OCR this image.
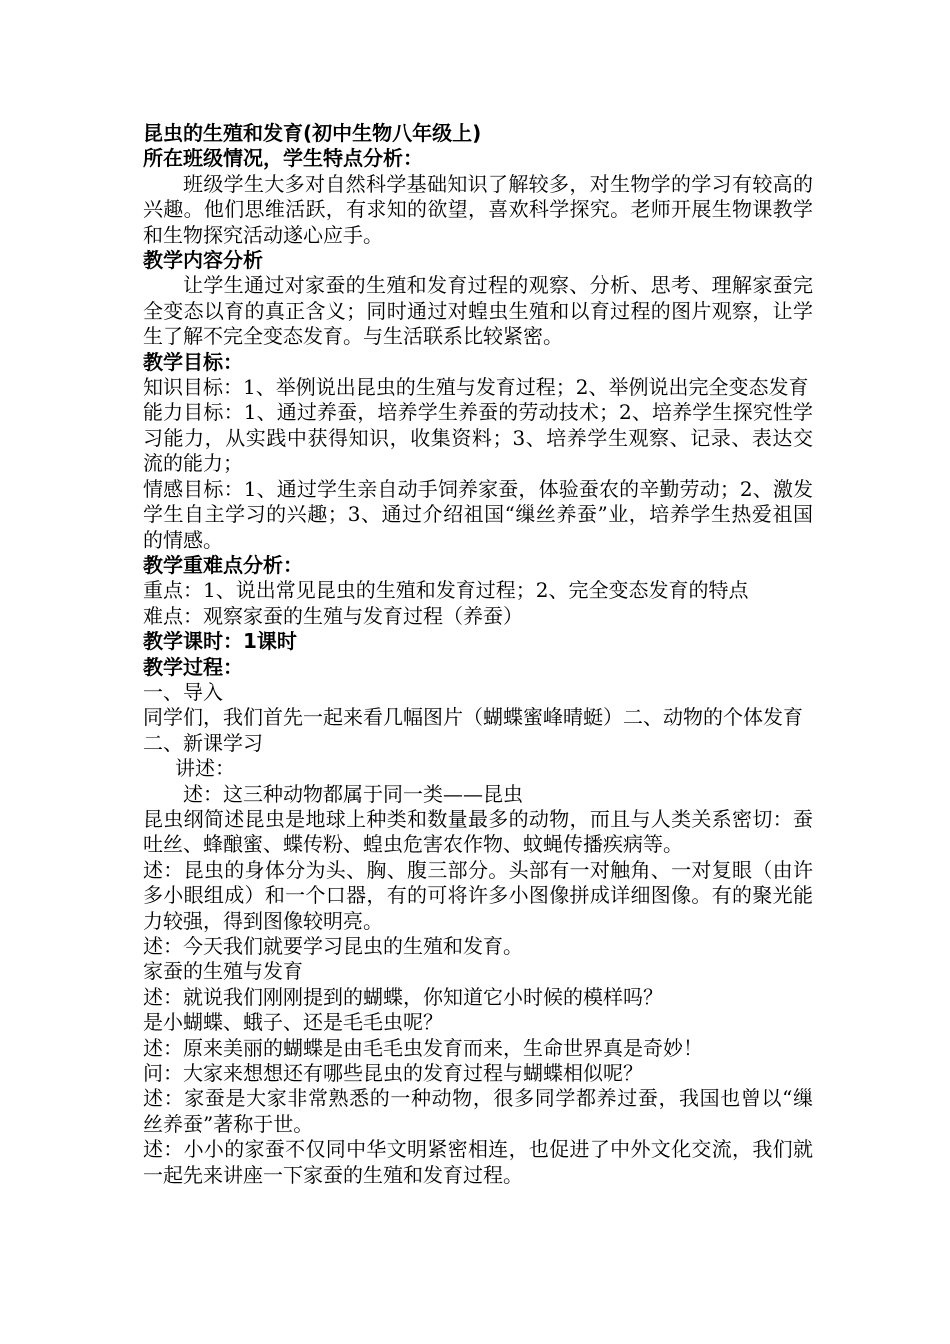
昆虫的生殖和发育(初中生物八年级上)

所在班级情况，学生特点分析：

班级学生大多对自然科学基础知识了解较多，对生物学的学习有较高的兴趣。他们思维活跃，有求知的欲望，喜欢科学探究。老师开展生物课教学和生物探究活动遂心应手。

教学内容分析

让学生通过对家蚕的生殖和发育过程的观察、分析、思考、理解家蚕完全变态以育的真正含义；同时通过对蝗虫生殖和以育过程的图片观察，让学生了解不完全变态发育。与生活联系比较紧密。

教学目标：

知识目标：1、举例说出昆虫的生殖与发育过程；2、举例说出完全变态发育

能力目标：1、通过养蚕，培养学生养蚕的劳动技术；2、培养学生探究性学习能力，从实践中获得知识，收集资料；3、培养学生观察、记录、表达交流的能力；

情感目标：1、通过学生亲自动手饲养家蚕，体验蚕农的辛勤劳动；2、激发学生自主学习的兴趣；3、通过介绍祖国“缫丝养蚕”业，培养学生热爱祖国的情感。

教学重难点分析：

重点：1、说出常见昆虫的生殖和发育过程；2、完全变态发育的特点

难点：观察家蚕的生殖与发育过程（养蚕）

教学课时：1课时

教学过程：

一、导入

同学们，我们首先一起来看几幅图片（蝴蝶蜜峰晴蜓）二、动物的个体发育

二、新课学习

讲述：

述：这三种动物都属于同一类——昆虫

昆虫纲简述昆虫是地球上种类和数量最多的动物，而且与人类关系密切：蚕吐丝、蜂酿蜜、蝶传粉、蝗虫危害农作物、蚊蝇传播疾病等。

述：昆虫的身体分为头、胸、腹三部分。头部有一对触角、一对复眼（由许多小眼组成）和一个口器，有的可将许多小图像拼成详细图像。有的聚光能力较强，得到图像较明亮。

述：今天我们就要学习昆虫的生殖和发育。

家蚕的生殖与发育

述：就说我们刚刚提到的蝴蝶，你知道它小时候的模样吗？

是小蝴蝶、蛾子、还是毛毛虫呢？

述：原来美丽的蝴蝶是由毛毛虫发育而来，生命世界真是奇妙！

问：大家来想想还有哪些昆虫的发育过程与蝴蝶相似呢？

述：家蚕是大家非常熟悉的一种动物，很多同学都养过蚕，我国也曾以“缫丝养蚕”著称于世。

述：小小的家蚕不仅同中华文明紧密相连，也促进了中外文化交流，我们就一起先来讲座一下家蚕的生殖和发育过程。
